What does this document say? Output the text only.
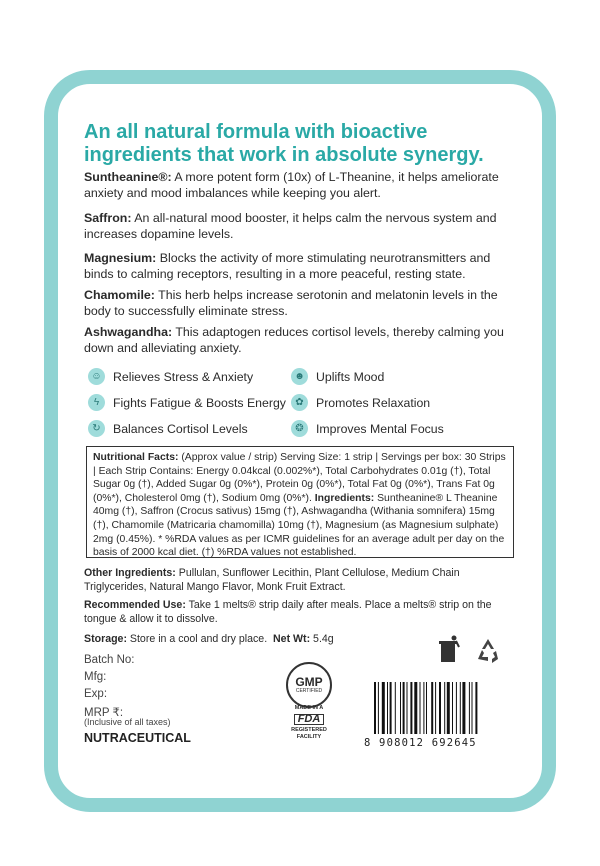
An all natural formula with bioactive ingredients that work in absolute synergy.

Suntheanine®: A more potent form (10x) of L-Theanine, it helps ameliorate anxiety and mood imbalances while keeping you alert.

Saffron: An all-natural mood booster, it helps calm the nervous system and increases dopamine levels.

Magnesium: Blocks the activity of more stimulating neurotransmitters and binds to calming receptors, resulting in a more peaceful, resting state.

Chamomile: This herb helps increase serotonin and melatonin levels in the body to successfully eliminate stress.

Ashwagandha: This adaptogen reduces cortisol levels, thereby calming you down and alleviating anxiety.

☺ Relieves Stress & Anxiety	☻ Uplifts Mood
ϟ	Fights Fatigue & Boosts Energy ✿	Promotes Relaxation
↻	Balances Cortisol Levels	❂	Improves Mental Focus
Nutritional Facts: (Approx value / strip) Serving Size: 1 strip | Servings per box: 30 Strips | Each Strip Contains: Energy 0.04kcal (0.002%*), Total Carbohydrates 0.01g (†), Total Sugar 0g (†), Added Sugar 0g (0%*), Protein 0g (0%*), Total Fat 0g (0%*), Trans Fat 0g (0%*), Cholesterol 0mg (†), Sodium 0mg (0%*). Ingredients: Suntheanine® L Theanine 40mg (†), Saffron (Crocus sativus) 15mg (†), Ashwagandha (Withania somnifera) 15mg (†), Chamomile (Matricaria chamomilla) 10mg (†), Magnesium (as Magnesium sulphate) 2mg (0.45%). * %RDA values as per ICMR guidelines for an average adult per day on the basis of 2000 kcal diet. (†) %RDA values not established.

Other Ingredients: Pullulan, Sunflower Lecithin, Plant Cellulose, Medium Chain Triglycerides, Natural Mango Flavor, Monk Fruit Extract.

Recommended Use: Take 1 melts® strip daily after meals. Place a melts® strip on the tongue & allow it to dissolve.

Storage: Store in a cool and dry place. Net Wt: 5.4g

Batch No:
Mfg:
Exp:
MRP ₹:
(Inclusive of all taxes)
NUTRACEUTICAL
GMP
CERTIFIED
MADE IN A
FDA
REGISTERED
FACILITY	8 908012 692645
